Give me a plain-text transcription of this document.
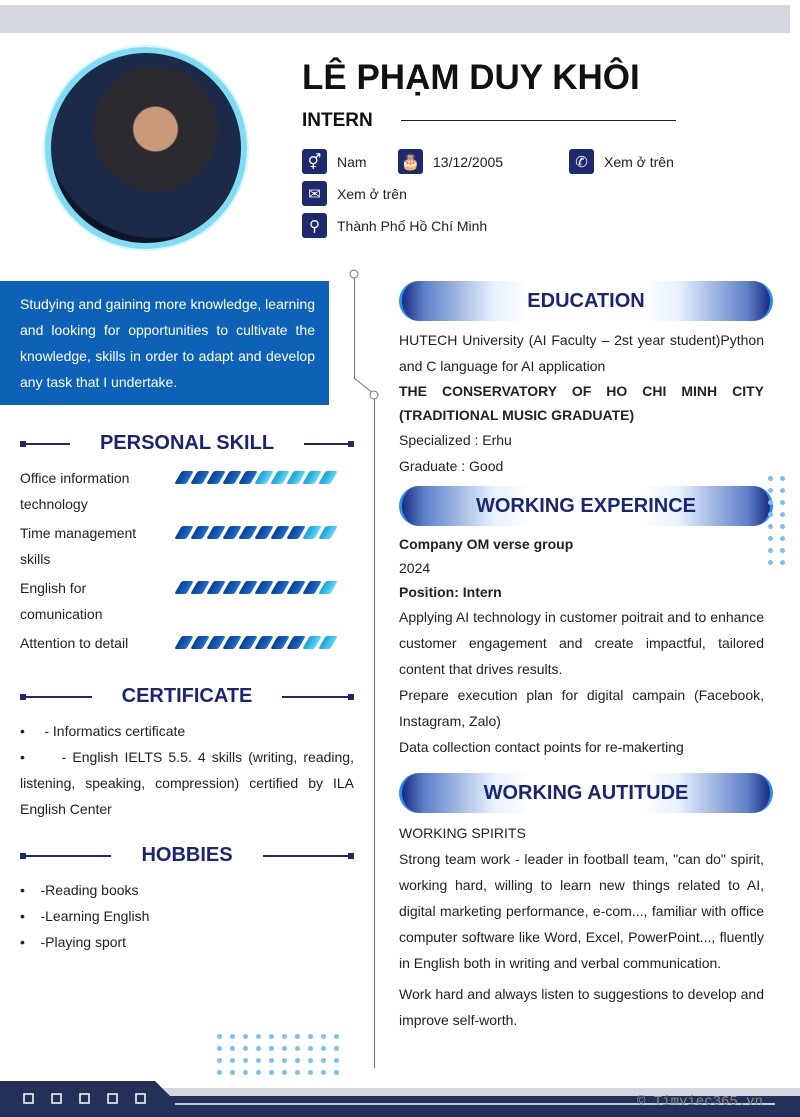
LÊ PHẠM DUY KHÔI
INTERN
⚥	Nam 🎂 13/12/2005	✆	Xem ở trên
✉	Xem ở trên
⚲	Thành Phố Hồ Chí Minh
Studying and gaining more knowledge, learning and looking for opportunities to cultivate the knowledge, skills in order to adapt and develop any task that I undertake.
PERSONAL SKILL
Office information technology
Time management skills
English for comunication
Attention to detail
CERTIFICATE
•     - Informatics certificate
•      - English IELTS 5.5. 4 skills (writing, reading, listening, speaking, compression) certified by ILA English Center
HOBBIES
•    -Reading books
•    -Learning English
•    -Playing sport
EDUCATION
HUTECH University (AI Faculty – 2st year student)Python and C language for AI application
THE CONSERVATORY OF HO CHI MINH CITY (TRADITIONAL MUSIC GRADUATE)
Specialized : Erhu
Graduate : Good
WORKING EXPERINCE
Company OM verse group
2024
Position: Intern
Applying AI technology in customer poitrait and to enhance customer engagement and create impactful, tailored content that drives results.
Prepare execution plan for digital campain (Facebook, Instagram, Zalo)
Data collection contact points for re-makerting
WORKING AUTITUDE
WORKING SPIRITS
Strong team work - leader in football team, "can do" spirit, working hard, willing to learn new things related to AI, digital marketing performance, e-com..., familiar with office computer software like Word, Excel, PowerPoint..., fluently in English both in writing and verbal communication.
Work hard and always listen to suggestions to develop and improve self-worth.
© Timviec365.vn
